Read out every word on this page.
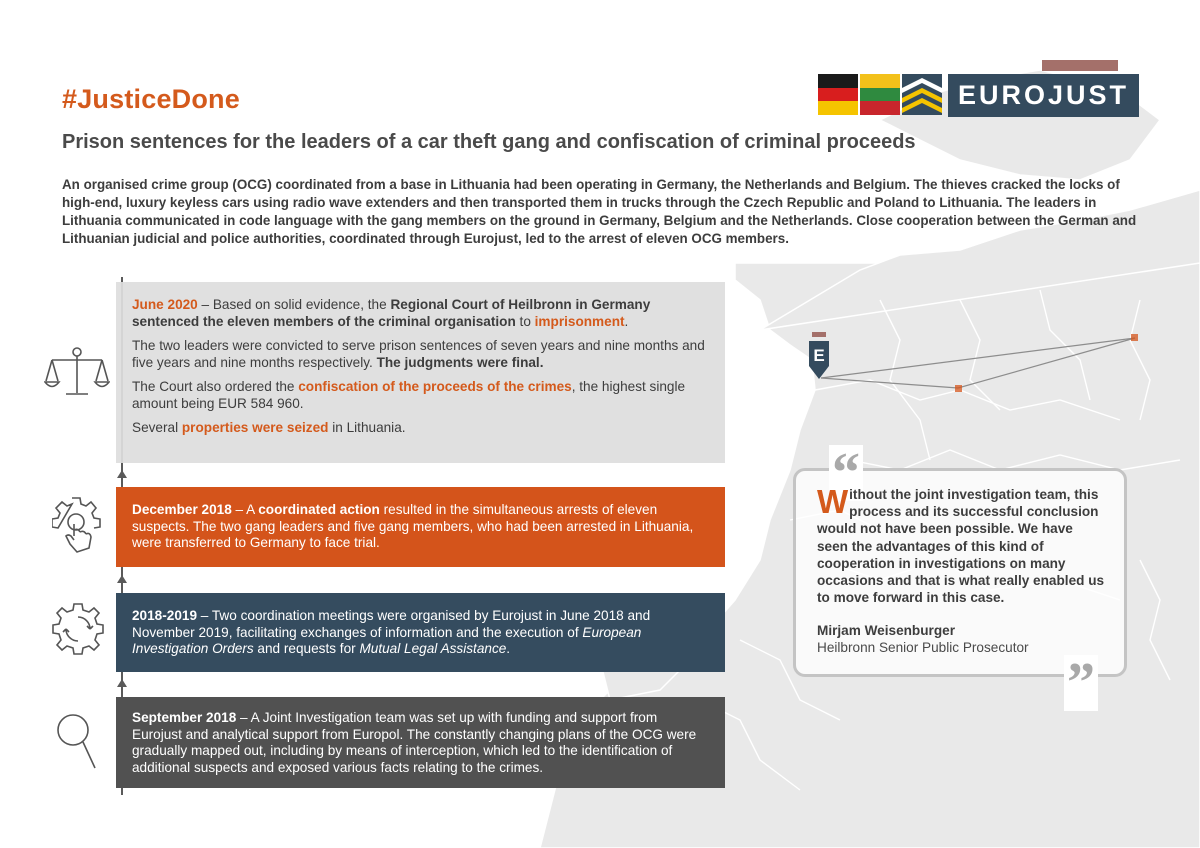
#JusticeDone
Prison sentences for the leaders of a car theft gang and confiscation of criminal proceeds
An organised crime group (OCG) coordinated from a base in Lithuania had been operating in Germany, the Netherlands and Belgium. The thieves cracked the locks of high-end, luxury keyless cars using radio wave extenders and then transported them in trucks through the Czech Republic and Poland to Lithuania. The leaders in Lithuania communicated in code language with the gang members on the ground in Germany, Belgium and the Netherlands. Close cooperation between the German and Lithuanian judicial and police authorities, coordinated through Eurojust, led to the arrest of eleven OCG members.
EUROJUST

June 2020 – Based on solid evidence, the Regional Court of Heilbronn in Germany sentenced the eleven members of the criminal organisation to imprisonment.

The two leaders were convicted to serve prison sentences of seven years and nine months and five years and nine months respectively. The judgments were final.

The Court also ordered the confiscation of the proceeds of the crimes, the highest single amount being EUR 584 960.

Several properties were seized in Lithuania.

December 2018 – A coordinated action resulted in the simultaneous arrests of eleven suspects. The two gang leaders and five gang members, who had been arrested in Lithuania, were transferred to Germany to face trial.

2018-2019 – Two coordination meetings were organised by Eurojust in June 2018 and November 2019, facilitating exchanges of information and the execution of European Investigation Orders and requests for Mutual Legal Assistance.

September 2018 – A Joint Investigation team was set up with funding and support from Eurojust and analytical support from Europol. The constantly changing plans of the OCG were gradually mapped out, including by means of interception, which led to the identification of additional suspects and exposed various facts relating to the crimes.

E
“
”
Without the joint investigation team, this process and its successful conclusion would not have been possible. We have seen the advantages of this kind of cooperation in investigations on many occasions and that is what really enabled us to move forward in this case.
Mirjam Weisenburger
Heilbronn Senior Public Prosecutor
